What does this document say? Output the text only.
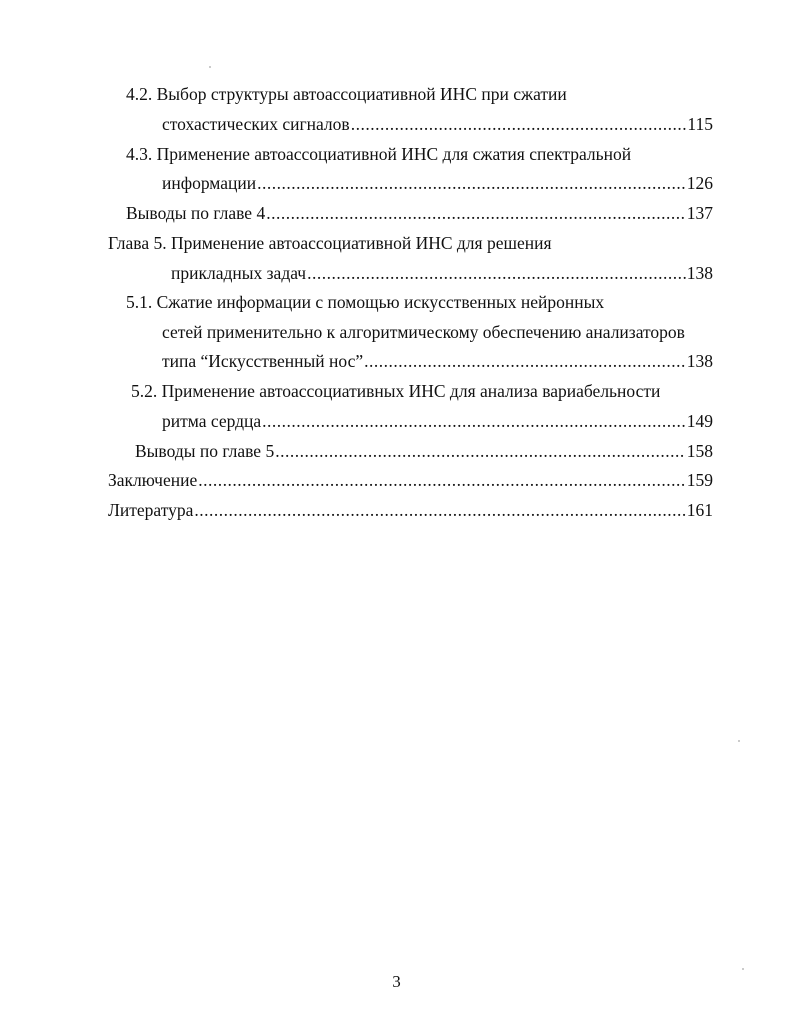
4.2. Выбор структуры автоассоциативной ИНС при сжатии
стохастических сигналов .....	115
4.3. Применение автоассоциативной ИНС для сжатия спектральной
информации .....	126
Выводы по главе 4 .....	137
Глава 5. Применение автоассоциативной ИНС для решения
прикладных задач .....	138
5.1. Сжатие информации с помощью искусственных нейронных
сетей применительно к алгоритмическому обеспечению анализаторов
типа “Искусственный нос” .....	138
5.2. Применение автоассоциативных ИНС для анализа вариабельности
ритма сердца .....	149
Выводы по главе 5 .....	158
Заключение .....	159
Литература .....	161
3
